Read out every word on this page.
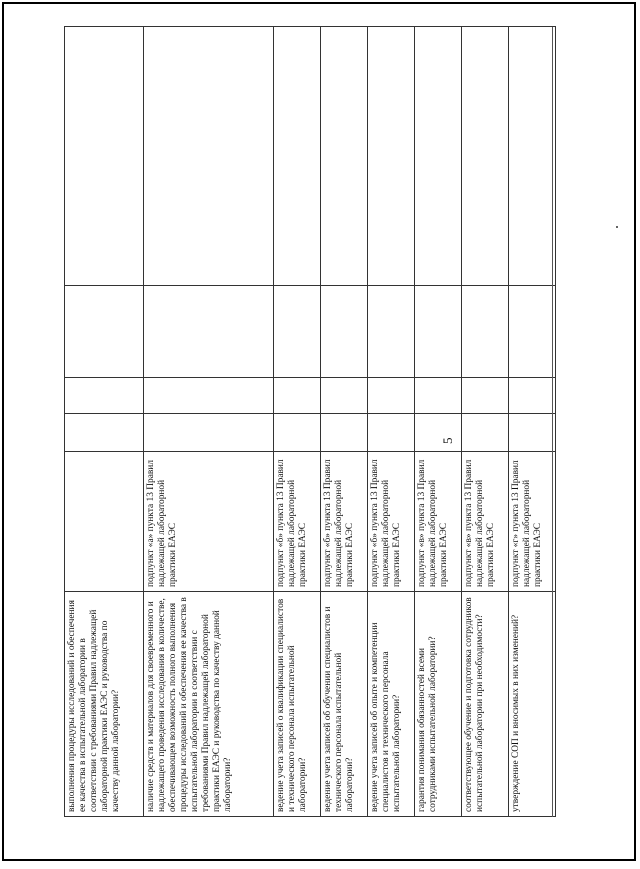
5
выполнения процедуры исследований и обеспечения ее качества в испытательной лаборатории в соответствии с требованиями Правил надлежащей лабораторной практики ЕАЭС и руководства по качеству данной лаборатории?					
наличие средств и материалов для своевременного и надлежащего проведения исследования в количестве, обеспечивающем возможность полного выполнения процедуры исследований и обеспечения ее качества в испытательной лаборатории в соответствии с требованиями Правил надлежащей лабораторной практики ЕАЭС и руководства по качеству данной лаборатории?	подпункт «а» пункта 13 Правил надлежащей лабораторной практики ЕАЭС				
ведение учета записей о квалификации специалистов и технического персонала испытательной лаборатории?	подпункт «б» пункта 13 Правил надлежащей лабораторной практики ЕАЭС				
ведение учета записей об обучении специалистов и технического персонала испытательной лаборатории?	подпункт «б» пункта 13 Правил надлежащей лабораторной практики ЕАЭС				
ведение учета записей об опыте и компетенции специалистов и технического персонала испытательной лаборатории?	подпункт «б» пункта 13 Правил надлежащей лабораторной практики ЕАЭС				
гарантия понимания обязанностей всеми сотрудниками испытательной лаборатории?	подпункт «в» пункта 13 Правил надлежащей лабораторной практики ЕАЭС				
соответствующее обучение и подготовка сотрудников испытательной лаборатории при необходимости?	подпункт «в» пункта 13 Правил надлежащей лабораторной практики ЕАЭС				
утверждение СОП и вносимых в них изменений?	подпункт «г» пункта 13 Правил надлежащей лабораторной практики ЕАЭС				
